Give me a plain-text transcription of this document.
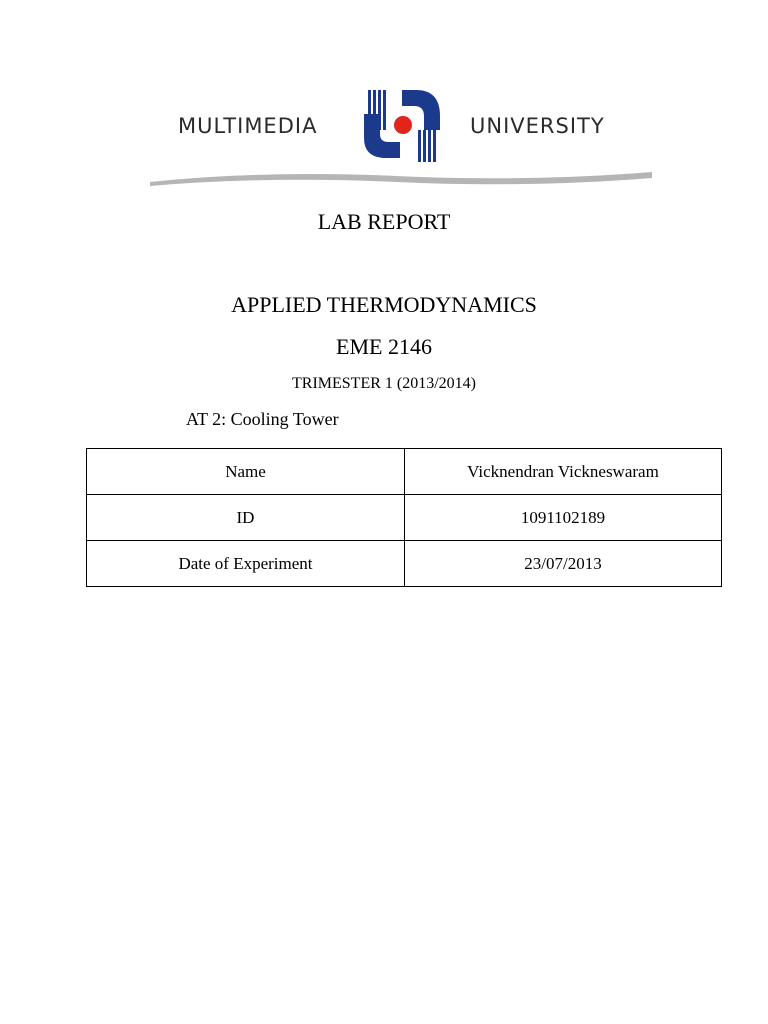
MULTIMEDIA	UNIVERSITY
LAB REPORT
APPLIED THERMODYNAMICS
EME 2146
TRIMESTER 1 (2013/2014)
AT 2: Cooling Tower
Name	Vicknendran Vickneswaram
ID	1091102189
Date of Experiment	23/07/2013
